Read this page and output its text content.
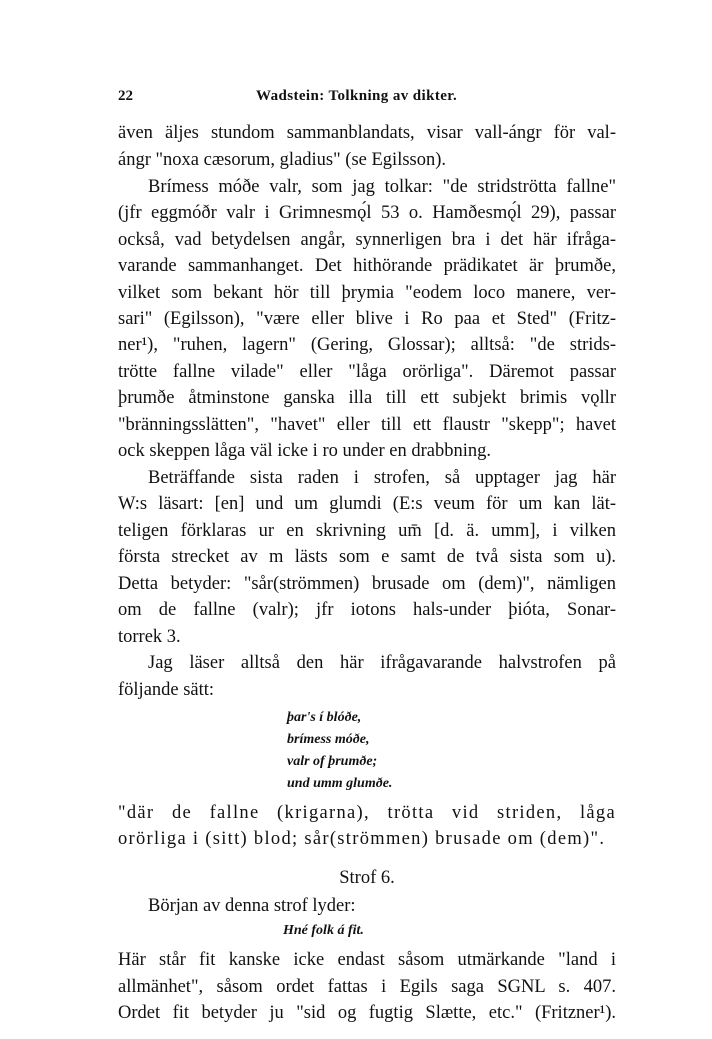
22	Wadstein: Tolkning av dikter.
även äljes stundom sammanblandats, visar vall-ángr för val-
ángr "noxa cæsorum, gladius" (se Egilsson).
Brímess móðe valr, som jag tolkar: "de stridströtta fallne"
(jfr eggmóðr valr i Grimnesmǫ́l 53 o. Hamðesmǫ́l 29), passar
också, vad betydelsen angår, synnerligen bra i det här ifråga-
varande sammanhanget. Det hithörande prädikatet är þrumðe,
vilket som bekant hör till þrymia "eodem loco manere, ver-
sari" (Egilsson), "være eller blive i Ro paa et Sted" (Fritz-
ner¹), "ruhen, lagern" (Gering, Glossar); alltså: "de strids-
trötte fallne vilade" eller "låga orörliga". Däremot passar
þrumðe åtminstone ganska illa till ett subjekt brimis vǫllr
"bränningsslätten", "havet" eller till ett flaustr "skepp"; havet
ock skeppen låga väl icke i ro under en drabbning.
Beträffande sista raden i strofen, så upptager jag här
W:s läsart: [en] und um glumdi (E:s veum för um kan lät-
teligen förklaras ur en skrivning um̄ [d. ä. umm], i vilken
första strecket av m lästs som e samt de två sista som u).
Detta betyder: "sår(strömmen) brusade om (dem)", nämligen
om de fallne (valr); jfr iotons hals-under þióta, Sonar-
torrek 3.
Jag läser alltså den här ifrågavarande halvstrofen på
följande sätt:
þar's í blóðe,
brímess móðe,
valr of þrumðe;
und umm glumðe.
"där de fallne (krigarna), trötta vid striden, låga
orörliga i (sitt) blod; sår(strömmen) brusade om (dem)".
Strof 6.
Början av denna strof lyder:
Hné folk á fit.
Här står fit kanske icke endast såsom utmärkande "land i
allmänhet", såsom ordet fattas i Egils saga SGNL s. 407.
Ordet fit betyder ju "sid og fugtig Slætte, etc." (Fritzner¹).
